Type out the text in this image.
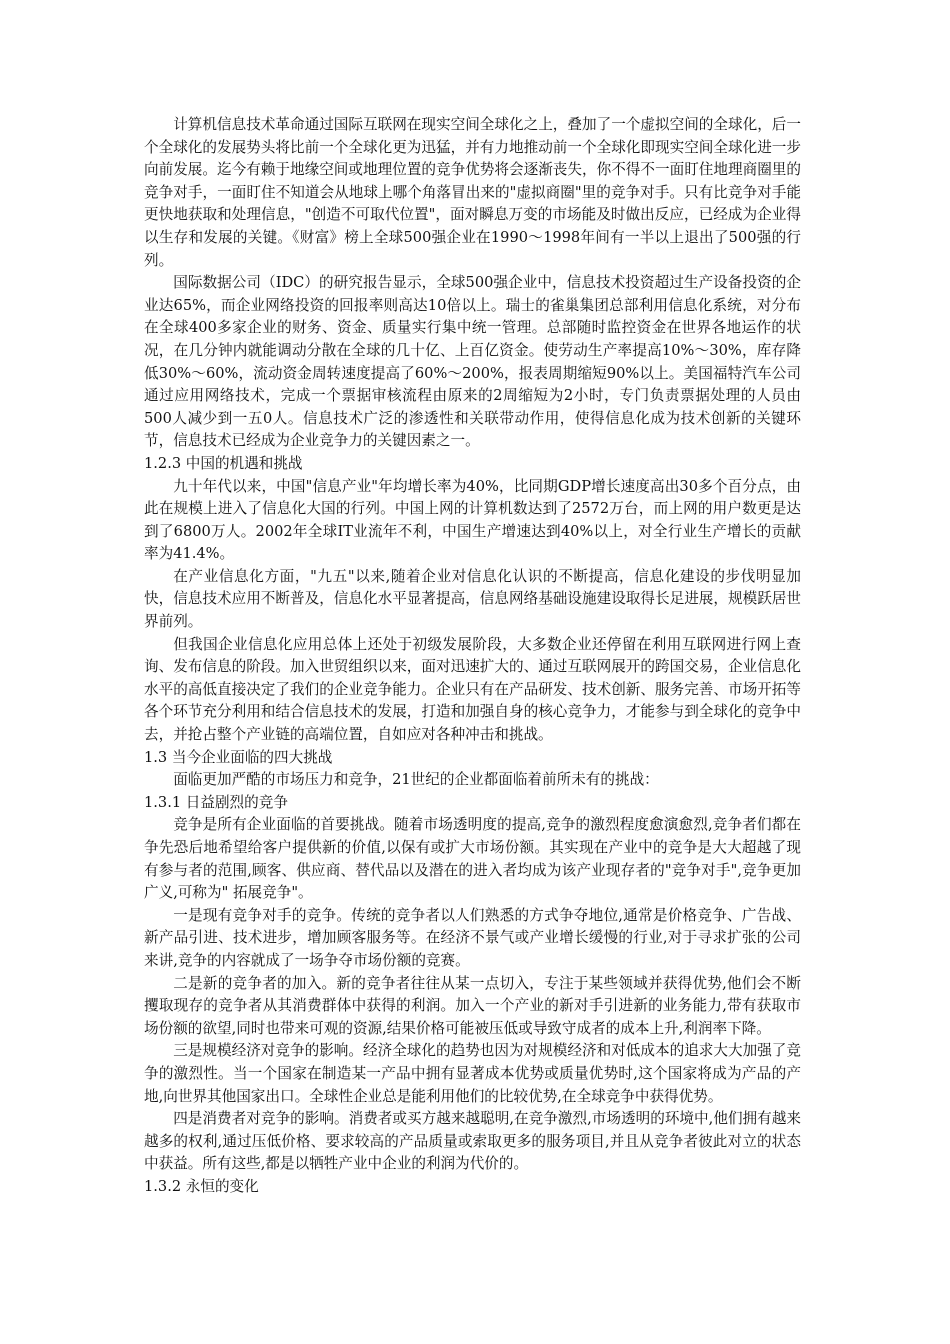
计算机信息技术革命通过国际互联网在现实空间全球化之上，叠加了一个虚拟空间的全球化，后一个全球化的发展势头将比前一个全球化更为迅猛，并有力地推动前一个全球化即现实空间全球化进一步向前发展。迄今有赖于地缘空间或地理位置的竞争优势将会逐渐丧失，你不得不一面盯住地理商圈里的竞争对手，一面盯住不知道会从地球上哪个角落冒出来的"虚拟商圈"里的竞争对手。只有比竞争对手能更快地获取和处理信息，"创造不可取代位置"，面对瞬息万变的市场能及时做出反应，已经成为企业得以生存和发展的关键。《财富》榜上全球500强企业在1990～1998年间有一半以上退出了500强的行列。

国际数据公司（IDC）的研究报告显示，全球500强企业中，信息技术投资超过生产设备投资的企业达65%，而企业网络投资的回报率则高达10倍以上。瑞士的雀巢集团总部利用信息化系统，对分布在全球400多家企业的财务、资金、质量实行集中统一管理。总部随时监控资金在世界各地运作的状况，在几分钟内就能调动分散在全球的几十亿、上百亿资金。使劳动生产率提高10%～30%，库存降低30%～60%，流动资金周转速度提高了60%～200%，报表周期缩短90%以上。美国福特汽车公司通过应用网络技术，完成一个票据审核流程由原来的2周缩短为2小时，专门负责票据处理的人员由500人减少到一五0人。信息技术广泛的渗透性和关联带动作用，使得信息化成为技术创新的关键环节，信息技术已经成为企业竞争力的关键因素之一。

1.2.3 中国的机遇和挑战

九十年代以来，中国"信息产业"年均增长率为40%，比同期GDP增长速度高出30多个百分点，由此在规模上进入了信息化大国的行列。中国上网的计算机数达到了2572万台，而上网的用户数更是达到了6800万人。2002年全球IT业流年不利，中国生产增速达到40%以上，对全行业生产增长的贡献率为41.4%。

在产业信息化方面，"九五"以来,随着企业对信息化认识的不断提高，信息化建设的步伐明显加快，信息技术应用不断普及，信息化水平显著提高，信息网络基础设施建设取得长足进展，规模跃居世界前列。

但我国企业信息化应用总体上还处于初级发展阶段，大多数企业还停留在利用互联网进行网上查询、发布信息的阶段。加入世贸组织以来，面对迅速扩大的、通过互联网展开的跨国交易，企业信息化水平的高低直接决定了我们的企业竞争能力。企业只有在产品研发、技术创新、服务完善、市场开拓等各个环节充分利用和结合信息技术的发展，打造和加强自身的核心竞争力，才能参与到全球化的竞争中去，并抢占整个产业链的高端位置，自如应对各种冲击和挑战。

1.3 当今企业面临的四大挑战

面临更加严酷的市场压力和竞争，21世纪的企业都面临着前所未有的挑战：

1.3.1 日益剧烈的竞争

竞争是所有企业面临的首要挑战。随着市场透明度的提高,竞争的激烈程度愈演愈烈,竞争者们都在争先恐后地希望给客户提供新的价值,以保有或扩大市场份额。其实现在产业中的竞争是大大超越了现有参与者的范围,顾客、供应商、替代品以及潜在的进入者均成为该产业现存者的"竞争对手",竞争更加广义,可称为" 拓展竞争"。

一是现有竞争对手的竞争。传统的竞争者以人们熟悉的方式争夺地位,通常是价格竞争、广告战、新产品引进、技术进步，增加顾客服务等。在经济不景气或产业增长缓慢的行业,对于寻求扩张的公司来讲,竞争的内容就成了一场争夺市场份额的竞赛。

二是新的竞争者的加入。新的竞争者往往从某一点切入，专注于某些领域并获得优势,他们会不断攫取现存的竞争者从其消费群体中获得的利润。加入一个产业的新对手引进新的业务能力,带有获取市场份额的欲望,同时也带来可观的资源,结果价格可能被压低或导致守成者的成本上升,利润率下降。

三是规模经济对竞争的影响。经济全球化的趋势也因为对规模经济和对低成本的追求大大加强了竞争的激烈性。当一个国家在制造某一产品中拥有显著成本优势或质量优势时,这个国家将成为产品的产地,向世界其他国家出口。全球性企业总是能利用他们的比较优势,在全球竞争中获得优势。

四是消费者对竞争的影响。消费者或买方越来越聪明,在竞争激烈,市场透明的环境中,他们拥有越来越多的权利,通过压低价格、要求较高的产品质量或索取更多的服务项目,并且从竞争者彼此对立的状态中获益。所有这些,都是以牺牲产业中企业的利润为代价的。

1.3.2 永恒的变化
